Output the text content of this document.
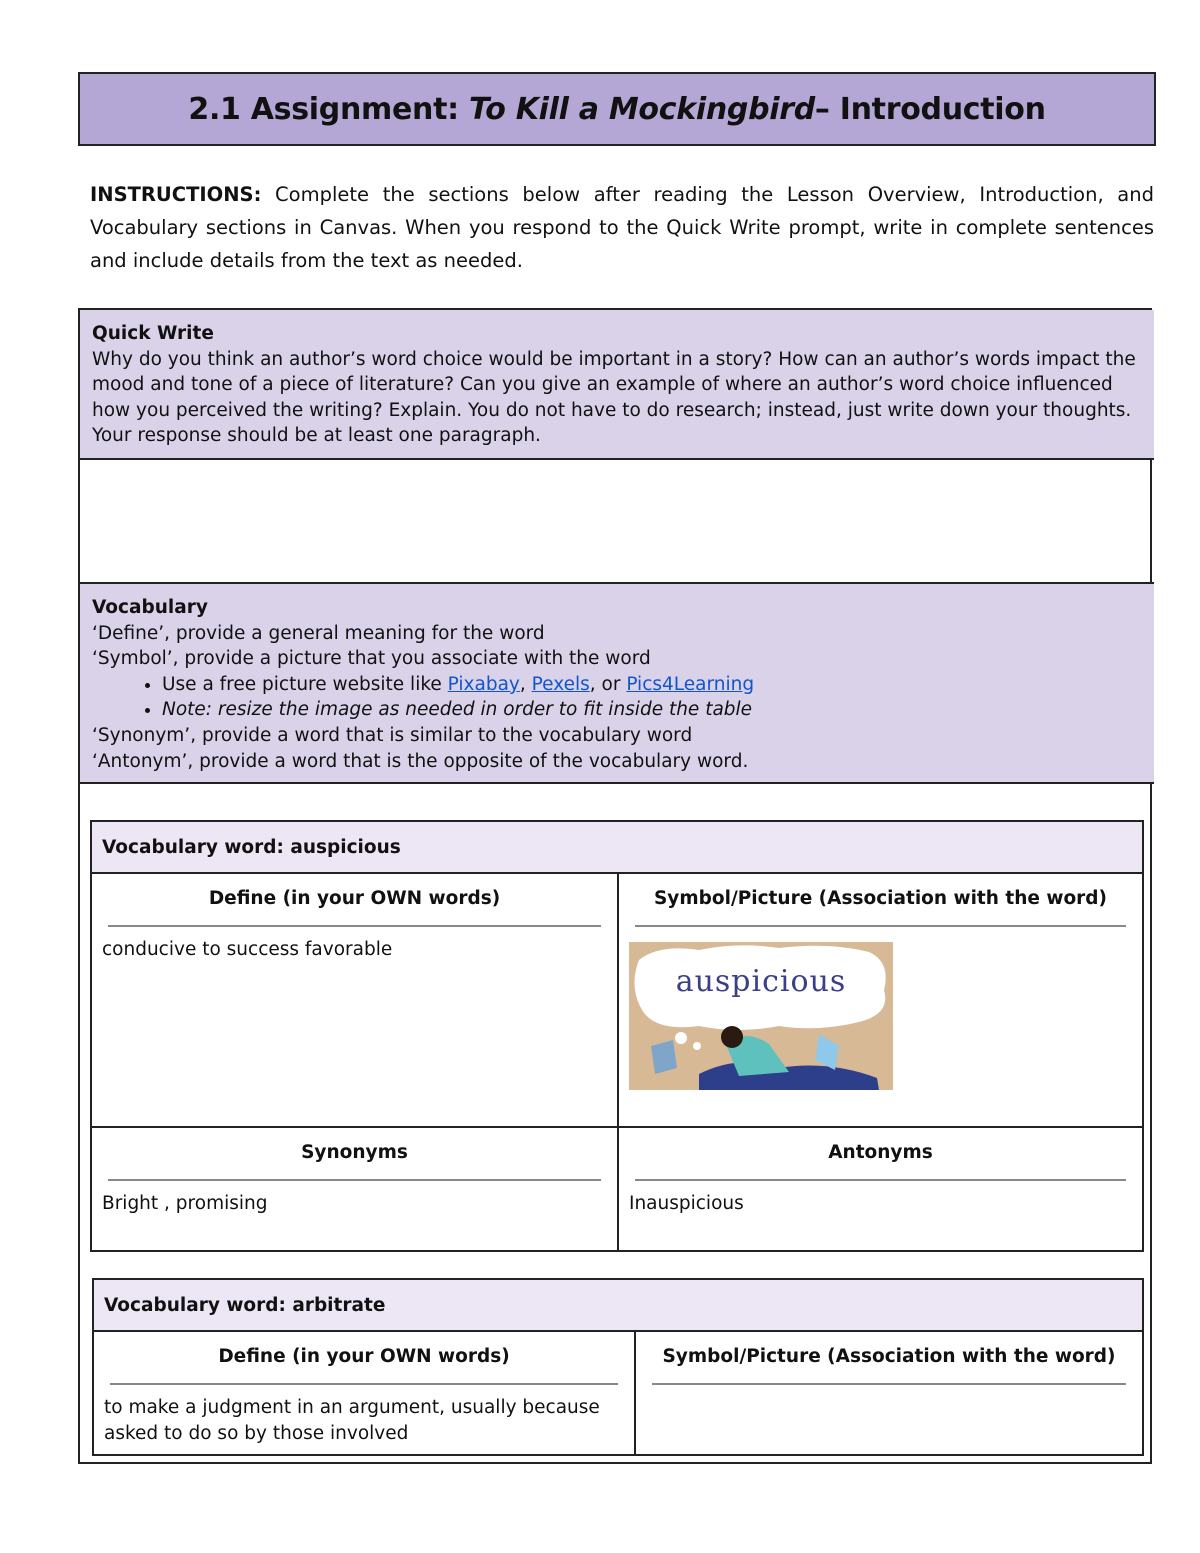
2.1 Assignment:
To Kill a Mockingbird – Introduction
INSTRUCTIONS: Complete the sections below after reading the Lesson Overview, Introduction, and Vocabulary sections in Canvas. When you respond to the Quick Write prompt, write in complete sentences and include details from the text as needed.
Quick Write
Why do you think an author’s word choice would be important in a story? How can an author’s words impact the mood and tone of a piece of literature? Can you give an example of where an author’s word choice influenced how you perceived the writing? Explain. You do not have to do research; instead, just write down your thoughts. Your response should be at least one paragraph.
Vocabulary
‘Define’, provide a general meaning for the word
‘Symbol’, provide a picture that you associate with the word
• Use a free picture website like Pixabay, Pexels, or Pics4Learning
• Note: resize the image as needed in order to fit inside the table
‘Synonym’, provide a word that is similar to the vocabulary word
‘Antonym’, provide a word that is the opposite of the vocabulary word.
Vocabulary word: auspicious
Define (in your OWN words)
conducive to success favorable
Symbol/Picture (Association with the word)
auspicious
Synonyms
Bright , promising
Antonyms
Inauspicious
Vocabulary word: arbitrate
Define (in your OWN words)
to make a judgment in an argument, usually because asked to do so by those involved
Symbol/Picture (Association with the word)
